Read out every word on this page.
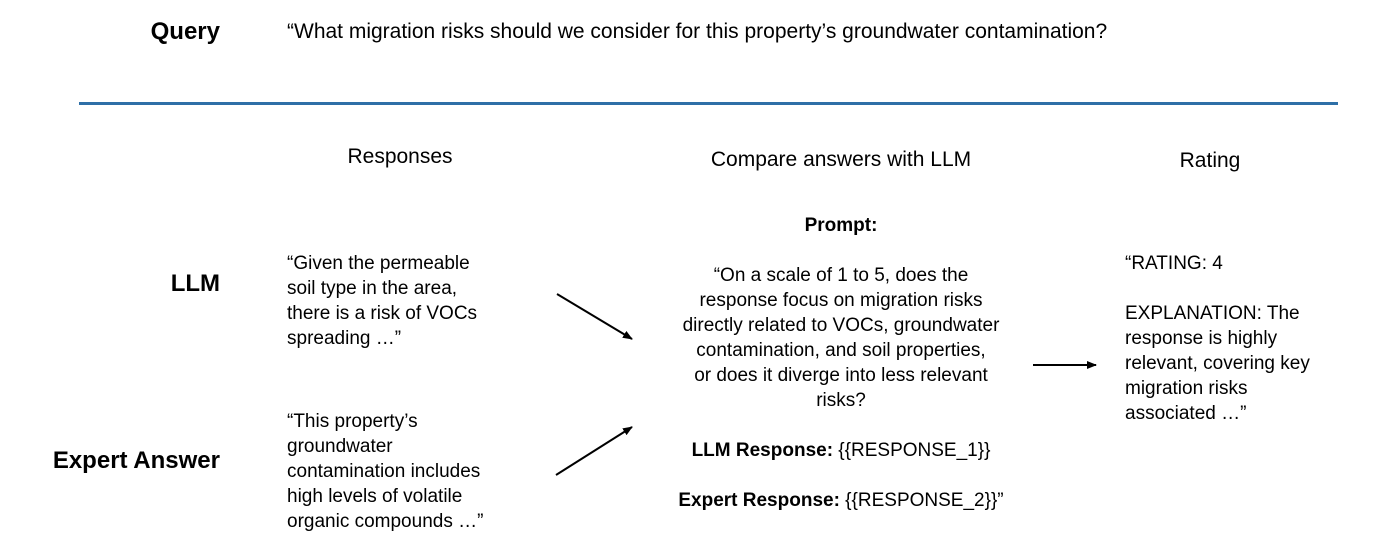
Query	“What migration risks should we consider for this property’s groundwater contamination?
Responses	Compare answers with LLM	Rating
LLM
Expert Answer
“Given the permeable
soil type in the area,
there is a risk of VOCs
spreading …”
“This property’s
groundwater
contamination includes
high levels of volatile
organic compounds …”
Prompt:
“On a scale of 1 to 5, does the
response focus on migration risks
directly related to VOCs, groundwater
contamination, and soil properties,
or does it diverge into less relevant
risks?
LLM Response: {{RESPONSE_1}}
Expert Response: {{RESPONSE_2}}”
“RATING: 4
EXPLANATION: The
response is highly
relevant, covering key
migration risks
associated …”
